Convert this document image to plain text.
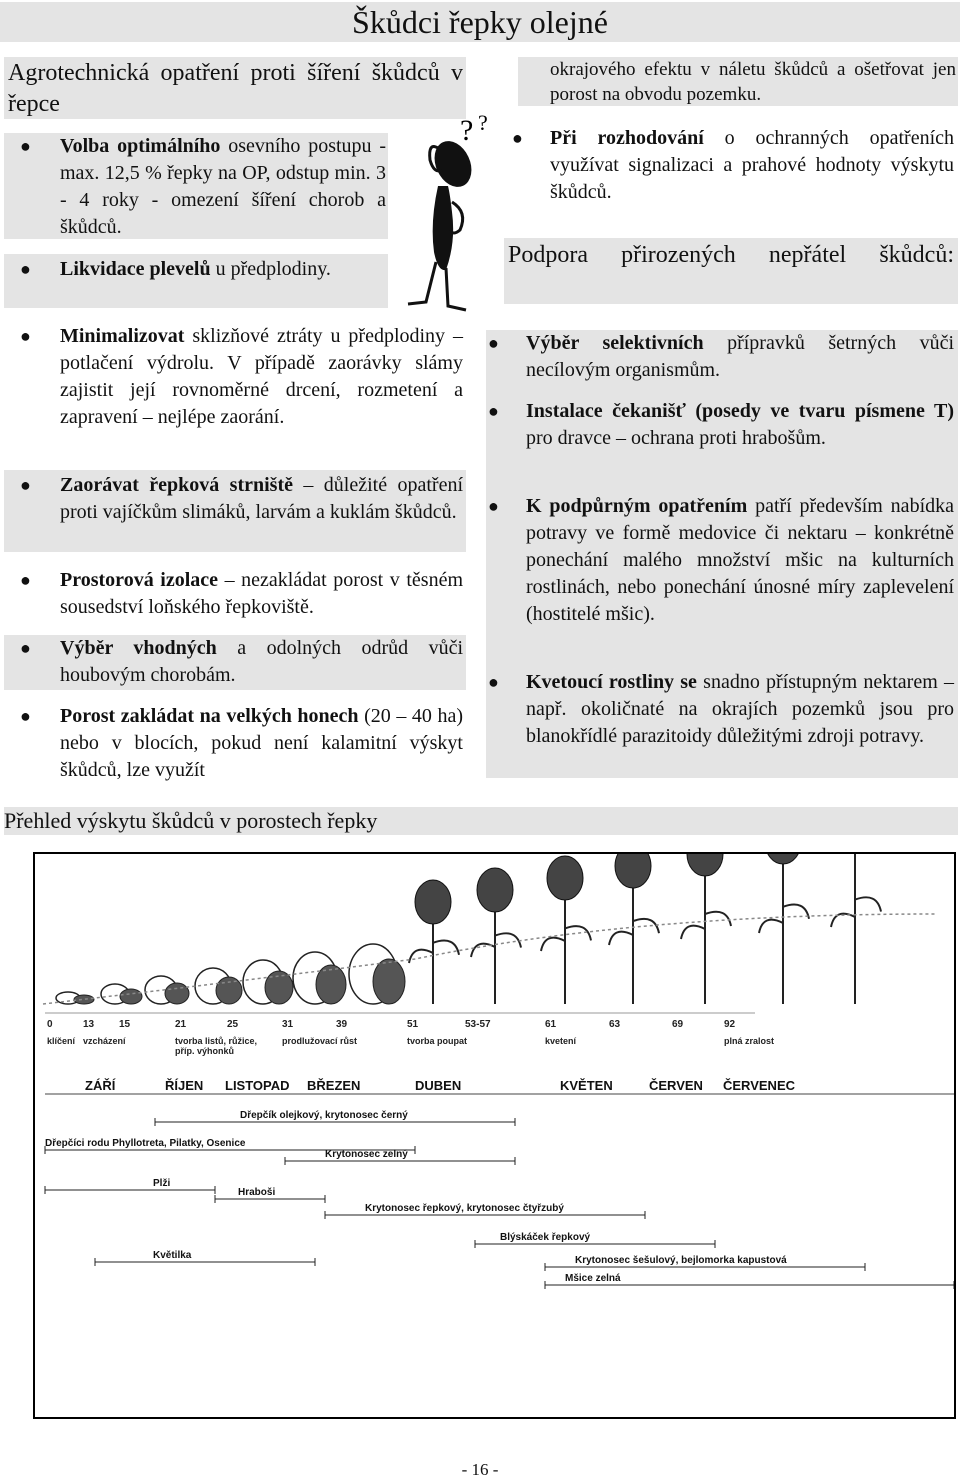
Škůdci řepky olejné
Agrotechnická opatření proti šíření škůdců v řepce
● Volba optimálního osevního postupu - max. 12,5 % řepky na OP, odstup min. 3 - 4 roky - omezení šíření chorob a škůdců.
● Likvidace plevelů u předplodiny.
● Minimalizovat sklizňové ztráty u předplodiny – potlačení výdrolu. V případě zaorávky slámy zajistit její rovnoměrné drcení, rozmetení a zapravení – nejlépe zaorání.
● Zaorávat řepková strniště – důležité opatření proti vajíčkům slimáků, larvám a kuklám škůdců.
● Prostorová izolace – nezakládat porost v těsném sousedství loňského řepkoviště.
● Výběr vhodných a odolných odrůd vůči houbovým chorobám.
● Porost zakládat na velkých honech (20 – 40 ha) nebo v blocích, pokud není kalamitní výskyt škůdců, lze využít
? ?
okrajového efektu v náletu škůdců a ošetřovat jen porost na obvodu pozemku.
● Při rozhodování o ochranných opatřeních využívat signalizaci a prahové hodnoty výskytu škůdců.
Podpora přirozených nepřátel škůdců:
● Výběr selektivních přípravků šetrných vůči necílovým organismům.
● Instalace čekanišť (posedy ve tvaru písmene T) pro dravce – ochrana proti hrabošům.
● K podpůrným opatřením patří především nabídka potravy ve formě medovice či nektaru – konkrétně ponechání malého množství mšic na kulturních rostlinách, nebo ponechání únosné míry zaplevelení (hostitelé mšic).
● Kvetoucí rostliny se snadno přístupným nektarem – např. okoličnaté na okrajích pozemků jsou pro blanokřídlé parazitoidy důležitými zdroji potravy.
Přehled výskytu škůdců v porostech řepky
0
klíčení
13
vzcházení
15	21
tvorba listů, růžice,
příp. výhonků
25	31
prodlužovací růst
39	51
tvorba poupat
53-57	61
kvetení
63	69	92
plná zralost
ZÁŘÍ	ŘÍJEN LISTOPAD BŘEZEN	DUBEN	KVĚTEN	ČERVEN ČERVENEC
Dřepčík olejkový, krytonosec černý
Dřepčíci rodu Phyllotreta, Pilatky, Osenice
Krytonosec zelný
Plži
Hraboši
Krytonosec řepkový, krytonosec čtyřzubý
Blýskáček řepkový
Květilka	Krytonosec šešulový, bejlomorka kapustová
Mšice zelná
- 16 -
